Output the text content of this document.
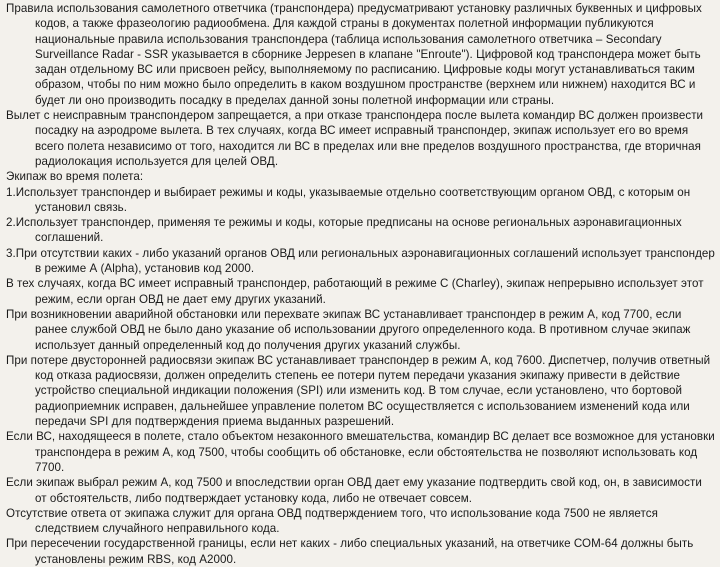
Правила использования самолетного ответчика (транспондера) предусматривают установку различных буквенных и цифровых кодов, а также фразеологию радиообмена. Для каждой страны в документах полетной информации публикуются национальные правила использования транспондера (таблица использования самолетного ответчика – Secondary Surveillance Radar - SSR указывается в сборнике Jeppesen в клапане "Enroute"). Цифровой код транспондера может быть задан отдельному ВС или присвоен рейсу, выполняемому по расписанию. Цифровые коды могут устанавливаться таким образом, чтобы по ним можно было определить в каком воздушном пространстве (верхнем или нижнем) находится ВС и будет ли оно производить посадку в пределах данной зоны полетной информации или страны.

Вылет с неисправным транспондером запрещается, а при отказе транспондера после вылета командир ВС должен произвести посадку на аэродроме вылета. В тех случаях, когда ВС имеет исправный транспондер, экипаж использует его во время всего полета независимо от того, находится ли ВС в пределах или вне пределов воздушного пространства, где вторичная радиолокация используется для целей ОВД.

Экипаж во время полета:

1.Использует транспондер и выбирает режимы и коды, указываемые отдельно соответствующим органом ОВД, с которым он установил связь.

2.Использует транспондер, применяя те режимы и коды, которые предписаны на основе региональных аэронавигационных соглашений.

3.При отсутствии каких - либо указаний органов ОВД или региональных аэронавигационных соглашений использует транспондер в режиме А (Alpha), установив код 2000.

В тех случаях, когда ВС имеет исправный транспондер, работающий в режиме С (Charley), экипаж непрерывно использует этот режим, если орган ОВД не дает ему других указаний.

При возникновении аварийной обстановки или перехвате экипаж ВС устанавливает транспондер в режим А, код 7700, если ранее службой ОВД не было дано указание об использовании другого определенного кода. В противном случае экипаж использует данный определенный код до получения других указаний службы.

При потере двусторонней радиосвязи экипаж ВС устанавливает транспондер в режим А, код 7600. Диспетчер, получив ответный код отказа радиосвязи, должен определить степень ее потери путем передачи указания экипажу привести в действие устройство специальной индикации положения (SPI) или изменить код. В том случае, если установлено, что бортовой радиоприемник исправен, дальнейшее управление полетом ВС осуществляется с использованием изменений кода или передачи SPI для подтверждения приема выданных разрешений.

Если ВС, находящееся в полете, стало объектом незаконного вмешательства, командир ВС делает все возможное для установки транспондера в режим А, код 7500, чтобы сообщить об обстановке, если обстоятельства не позволяют использовать код 7700.

Если экипаж выбрал режим А, код 7500 и впоследствии орган ОВД дает ему указание подтвердить свой код, он, в зависимости от обстоятельств, либо подтверждает установку кода, либо не отвечает совсем.

Отсутствие ответа от экипажа служит для органа ОВД подтверждением того, что использование кода 7500 не является следствием случайного неправильного кода.

При пересечении государственной границы, если нет каких - либо специальных указаний, на ответчике СОМ-64 должны быть установлены режим RBS, код А2000.
